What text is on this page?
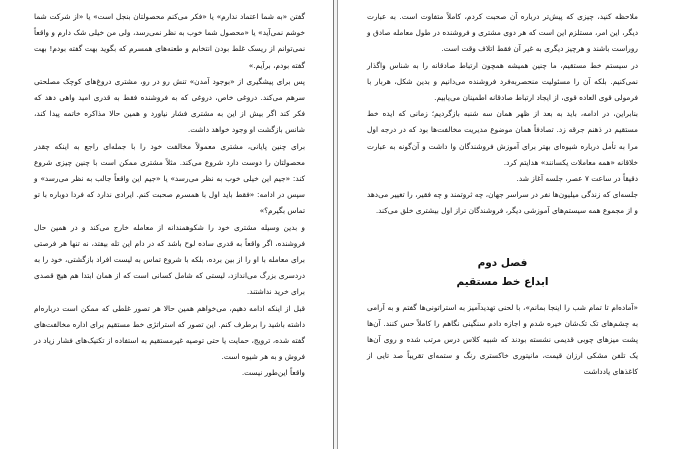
گفتن «به شما اعتماد ندارم» یا «فکر می‌کنم محصولتان بنجل است» یا «از شرکت شما خوشم نمی‌آید» یا «محصول شما خوب به نظر نمی‌رسد، ولی من خیلی شک دارم و واقعاً نمی‌توانم از ریسک غلط بودن انتخابم و طعنه‌های همسرم که بگوید بهت گفته بودم! بهت گفته بودم، برآیم.»

پس برای پیشگیری از «بوجود آمدن» تنش رو در رو، مشتری دروغ‌های کوچک مصلحتی سرهم می‌کند. دروغی خاص، دروغی که به فروشنده فقط به قدری امید واهی دهد که فکر کند اگر بیش از این به مشتری فشار نیاورد و همین حالا مذاکره خاتمه پیدا کند، شانس بازگشت او وجود خواهد داشت.

برای چنین پایانی، مشتری معمولاً مخالفت خود را با جمله‌ای راجع به اینکه چقدر محصولتان را دوست دارد شروع می‌کند. مثلاً مشتری ممکن است با چنین چیزی شروع کند: «جیم این خیلی خوب به نظر می‌رسد» یا «جیم این واقعاً جالب به نظر می‌رسد» و سپس در ادامه: «فقط باید اول با همسرم صحبت کنم. ایرادی ندارد که فردا دوباره با تو تماس بگیرم؟»

و بدین وسیله مشتری خود را شکوهمندانه از معامله خارج می‌کند و در همین حال فروشنده، اگر واقعاً به قدری ساده لوح باشد که در دام این تله بیفتد، نه تنها هر فرصتی برای معامله با او را از بین برده، بلکه با شروع تماس به لیست افراد بازگشتی، خود را به دردسری بزرگ می‌اندازد، لیستی که شامل کسانی است که از همان ابتدا هم هیچ قصدی برای خرید نداشتند.

قبل از اینکه ادامه دهیم، می‌خواهم همین حالا هر تصور غلطی که ممکن است درباره‌ام داشته باشید را برطرف کنم. این تصور که استراتژی خط مستقیم برای اداره مخالفت‌های گفته شده، ترویج، حمایت یا حتی توصیه غیرمستقیم به استفاده از تکنیک‌های فشار زیاد در فروش و به هر شیوه است.

واقعاً این‌طور نیست.

ملاحظه کنید، چیزی که پیش‌تر درباره آن صحبت کردم، کاملاً متفاوت است. به عبارت دیگر، این امر، مستلزم این است که هر دوی مشتری و فروشنده در طول معامله صادق و روراست باشند و هرچیز دیگری به غیر آن فقط اتلاف وقت است.

در سیستم خط مستقیم، ما چنین همیشه همچون ارتباط صادقانه را به شناس واگذار نمی‌کنیم. بلکه آن را مسئولیت منحصربه‌فرد فروشنده می‌دانیم و بدین شکل، هربار با فرمولی قوی العاده قوی، از ایجاد ارتباط صادقانه اطمینان می‌یابیم.

بنابراین، در ادامه، باید به بعد از ظهر همان سه شنبه بازگردیم؛ زمانی که ایده خط مستقیم در ذهنم جرقه زد. تصادفاً همان موضوع مدیریت مخالفت‌ها بود که در درجه اول مرا به تأمل درباره شیوه‌ای بهتر برای آموزش فروشندگان وا داشت و آن‌گونه به عبارت خلاقانه «همه معاملات یکسانند» هدایتم کرد.

دقیقاً در ساعت ۷ عصر، جلسه آغاز شد.

جلسه‌ای که زندگی میلیون‌ها نفر در سراسر جهان، چه ثروتمند و چه فقیر، را تغییر می‌دهد و از مجموع همه سیستم‌های آموزشی دیگر، فروشندگان تراز اول بیشتری خلق می‌کند.

فصل دوم
ابداع خط مستقیم

«آماده‌ام تا تمام شب را اینجا بمانم»، با لحنی تهدیدآمیز به استراتونی‌ها گفتم و به آرامی به چشم‌های تک تک‌شان خیره شدم و اجازه دادم سنگینی نگاهم را کاملاً حس کنند. آن‌ها پشت میزهای چوبی قدیمی نشسته بودند که شبیه کلاس درس مرتب شده و روی آن‌ها یک تلفن مشکی ارزان قیمت، مانیتوری خاکستری رنگ و ستمه‌ای تقریباً صد تایی از کاغذهای یادداشت
